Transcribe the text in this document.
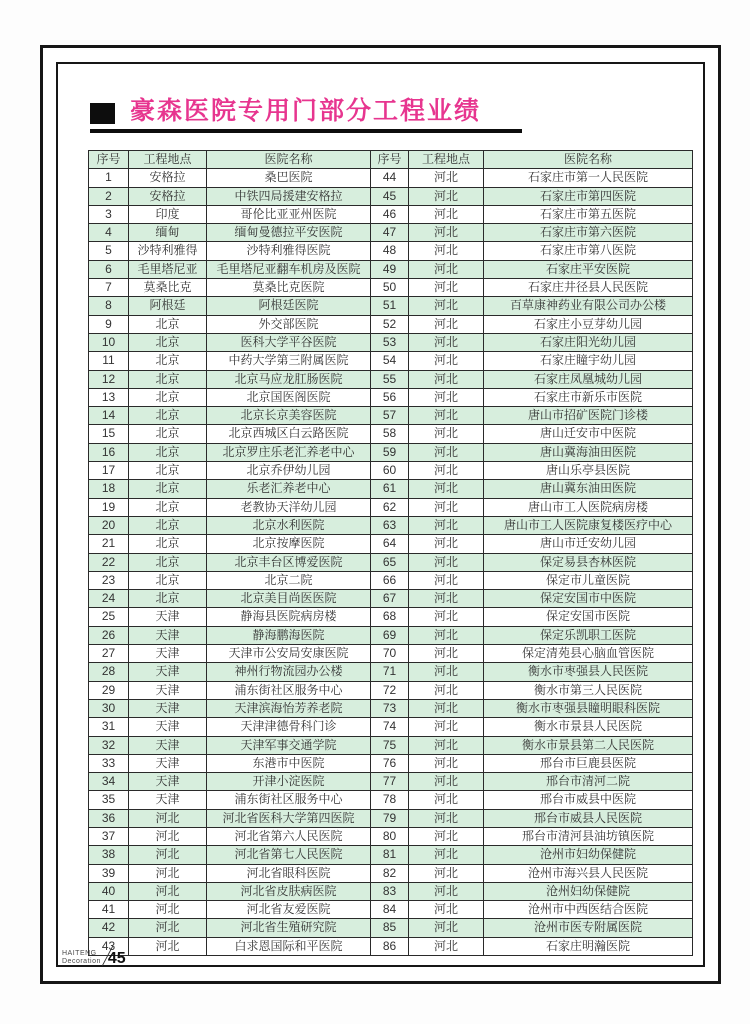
豪森医院专用门部分工程业绩
序号	工程地点	医院名称	序号	工程地点	医院名称
1	安格拉	桑巴医院	44	河北	石家庄市第一人民医院
2	安格拉	中铁四局援建安格拉	45	河北	石家庄市第四医院
3	印度	哥伦比亚亚州医院	46	河北	石家庄市第五医院
4	缅甸	缅甸曼德拉平安医院	47	河北	石家庄市第六医院
5	沙特利雅得	沙特利雅得医院	48	河北	石家庄市第八医院
6	毛里塔尼亚	毛里塔尼亚翻车机房及医院	49	河北	石家庄平安医院
7	莫桑比克	莫桑比克医院	50	河北	石家庄井径县人民医院
8	阿根廷	阿根廷医院	51	河北	百草康神药业有限公司办公楼
9	北京	外交部医院	52	河北	石家庄小豆芽幼儿园
10	北京	医科大学平谷医院	53	河北	石家庄阳光幼儿园
11	北京	中药大学第三附属医院	54	河北	石家庄瞳宇幼儿园
12	北京	北京马应龙肛肠医院	55	河北	石家庄凤凰城幼儿园
13	北京	北京国医阁医院	56	河北	石家庄市新乐市医院
14	北京	北京长京美容医院	57	河北	唐山市招矿医院门诊楼
15	北京	北京西城区白云路医院	58	河北	唐山迁安市中医院
16	北京	北京罗庄乐老汇养老中心	59	河北	唐山冀海油田医院
17	北京	北京乔伊幼儿园	60	河北	唐山乐亭县医院
18	北京	乐老汇养老中心	61	河北	唐山冀东油田医院
19	北京	老教协天洋幼儿园	62	河北	唐山市工人医院病房楼
20	北京	北京水利医院	63	河北	唐山市工人医院康复楼医疗中心
21	北京	北京按摩医院	64	河北	唐山市迁安幼儿园
22	北京	北京丰台区博爱医院	65	河北	保定易县杏林医院
23	北京	北京二院	66	河北	保定市儿童医院
24	北京	北京美目尚医医院	67	河北	保定安国市中医院
25	天津	静海县医院病房楼	68	河北	保定安国市医院
26	天津	静海鹏海医院	69	河北	保定乐凯职工医院
27	天津	天津市公安局安康医院	70	河北	保定清苑县心脑血管医院
28	天津	神州行物流园办公楼	71	河北	衡水市枣强县人民医院
29	天津	浦东街社区服务中心	72	河北	衡水市第三人民医院
30	天津	天津滨海怡芳养老院	73	河北	衡水市枣强县瞳明眼科医院
31	天津	天津津德骨科门诊	74	河北	衡水市景县人民医院
32	天津	天津军事交通学院	75	河北	衡水市景县第二人民医院
33	天津	东港市中医院	76	河北	邢台市巨鹿县医院
34	天津	开津小淀医院	77	河北	邢台市清河二院
35	天津	浦东街社区服务中心	78	河北	邢台市威县中医院
36	河北	河北省医科大学第四医院	79	河北	邢台市威县人民医院
37	河北	河北省第六人民医院	80	河北	邢台市清河县油坊镇医院
38	河北	河北省第七人民医院	81	河北	沧州市妇幼保健院
39	河北	河北省眼科医院	82	河北	沧州市海兴县人民医院
40	河北	河北省皮肤病医院	83	河北	沧州妇幼保健院
41	河北	河北省友爱医院	84	河北	沧州市中西医结合医院
42	河北	河北省生殖研究院	85	河北	沧州市医专附属医院
43	河北	白求恩国际和平医院	86	河北	石家庄明瀚医院
HAITENG
Decoration 45
